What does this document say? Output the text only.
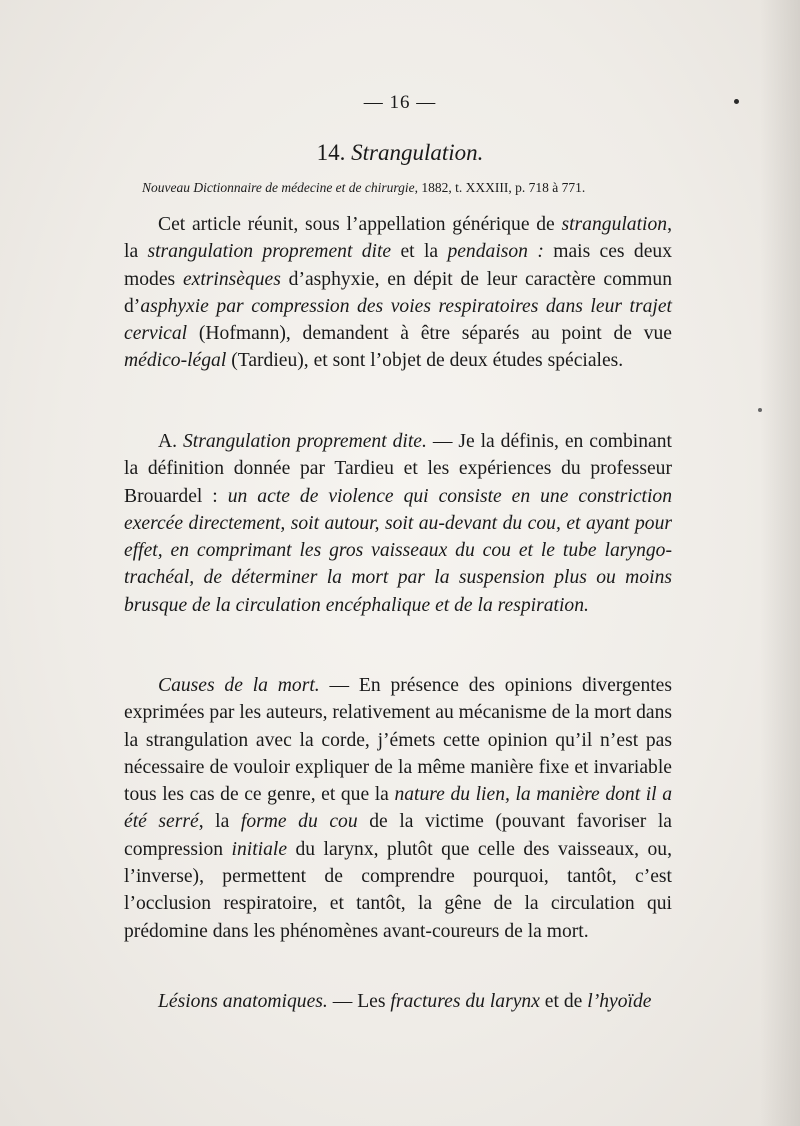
— 16 —
14. Strangulation.
Nouveau Dictionnaire de médecine et de chirurgie, 1882, t. XXXIII, p. 718 à 771.

Cet article réunit, sous l’appellation générique de strangulation, la strangulation proprement dite et la pendaison : mais ces deux modes extrinsèques d’asphyxie, en dépit de leur caractère commun d’asphyxie par compression des voies respiratoires dans leur trajet cervical (Hofmann), demandent à être séparés au point de vue médico-légal (Tardieu), et sont l’objet de deux études spéciales.

A. Strangulation proprement dite. — Je la définis, en combinant la définition donnée par Tardieu et les expériences du professeur Brouardel : un acte de violence qui consiste en une constriction exercée directement, soit autour, soit au-devant du cou, et ayant pour effet, en comprimant les gros vaisseaux du cou et le tube laryngo-trachéal, de déterminer la mort par la suspension plus ou moins brusque de la circulation encéphalique et de la respiration.

Causes de la mort. — En présence des opinions divergentes exprimées par les auteurs, relativement au mécanisme de la mort dans la strangulation avec la corde, j’émets cette opinion qu’il n’est pas nécessaire de vouloir expliquer de la même manière fixe et invariable tous les cas de ce genre, et que la nature du lien, la manière dont il a été serré, la forme du cou de la victime (pouvant favoriser la compression initiale du larynx, plutôt que celle des vaisseaux, ou, l’inverse), permettent de comprendre pourquoi, tantôt, c’est l’occlusion respiratoire, et tantôt, la gêne de la circulation qui prédomine dans les phénomènes avant-coureurs de la mort.

Lésions anatomiques. — Les fractures du larynx et de l’hyoïde
